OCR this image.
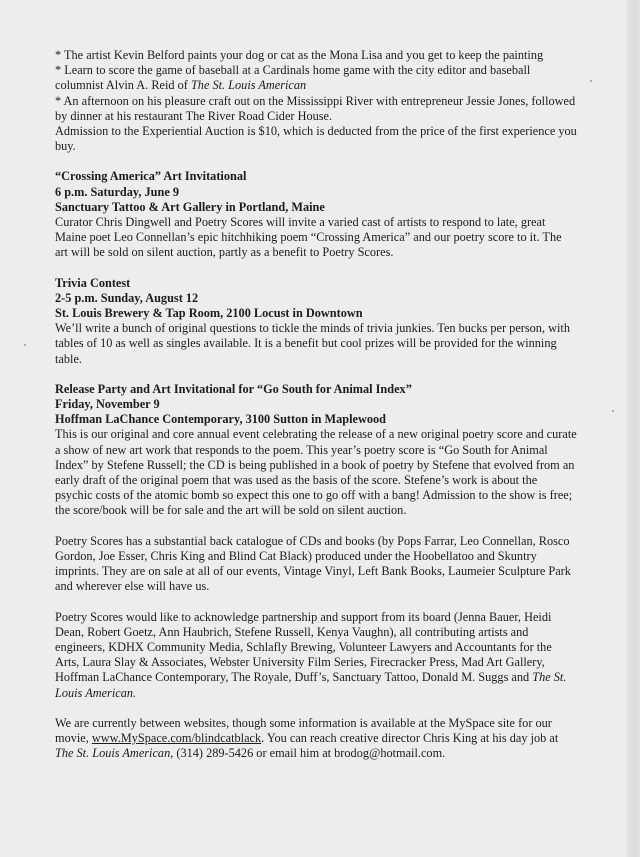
* The artist Kevin Belford paints your dog or cat as the Mona Lisa and you get to keep the painting
* Learn to score the game of baseball at a Cardinals home game with the city editor and baseball
columnist Alvin A. Reid of The St. Louis American
* An afternoon on his pleasure craft out on the Mississippi River with entrepreneur Jessie Jones, followed
by dinner at his restaurant The River Road Cider House.
Admission to the Experiential Auction is $10, which is deducted from the price of the first experience you
buy.
“Crossing America” Art Invitational
6 p.m. Saturday, June 9
Sanctuary Tattoo & Art Gallery in Portland, Maine
Curator Chris Dingwell and Poetry Scores will invite a varied cast of artists to respond to late, great
Maine poet Leo Connellan’s epic hitchhiking poem “Crossing America” and our poetry score to it. The
art will be sold on silent auction, partly as a benefit to Poetry Scores.
Trivia Contest
2-5 p.m. Sunday, August 12
St. Louis Brewery & Tap Room, 2100 Locust in Downtown
We’ll write a bunch of original questions to tickle the minds of trivia junkies. Ten bucks per person, with
tables of 10 as well as singles available. It is a benefit but cool prizes will be provided for the winning
table.
Release Party and Art Invitational for “Go South for Animal Index”
Friday, November 9
Hoffman LaChance Contemporary, 3100 Sutton in Maplewood
This is our original and core annual event celebrating the release of a new original poetry score and curate
a show of new art work that responds to the poem. This year’s poetry score is “Go South for Animal
Index” by Stefene Russell; the CD is being published in a book of poetry by Stefene that evolved from an
early draft of the original poem that was used as the basis of the score. Stefene’s work is about the
psychic costs of the atomic bomb so expect this one to go off with a bang! Admission to the show is free;
the score/book will be for sale and the art will be sold on silent auction.
Poetry Scores has a substantial back catalogue of CDs and books (by Pops Farrar, Leo Connellan, Rosco
Gordon, Joe Esser, Chris King and Blind Cat Black) produced under the Hoobellatoo and Skuntry
imprints. They are on sale at all of our events, Vintage Vinyl, Left Bank Books, Laumeier Sculpture Park
and wherever else will have us.
Poetry Scores would like to acknowledge partnership and support from its board (Jenna Bauer, Heidi
Dean, Robert Goetz, Ann Haubrich, Stefene Russell, Kenya Vaughn), all contributing artists and
engineers, KDHX Community Media, Schlafly Brewing, Volunteer Lawyers and Accountants for the
Arts, Laura Slay & Associates, Webster University Film Series, Firecracker Press, Mad Art Gallery,
Hoffman LaChance Contemporary, The Royale, Duff’s, Sanctuary Tattoo, Donald M. Suggs and The St.
Louis American.
We are currently between websites, though some information is available at the MySpace site for our
movie, www.MySpace.com/blindcatblack. You can reach creative director Chris King at his day job at
The St. Louis American, (314) 289-5426 or email him at brodog@hotmail.com.
